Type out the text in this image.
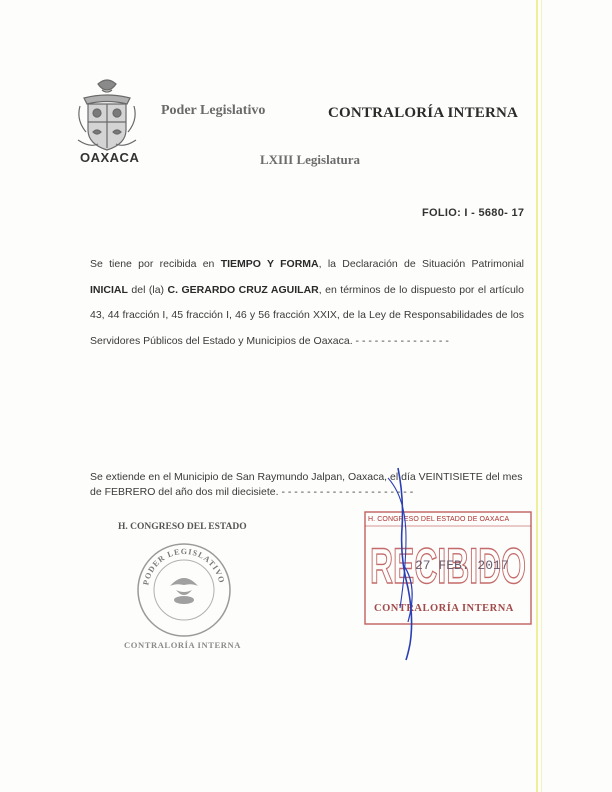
OAXACA
Poder Legislativo	CONTRALORÍA INTERNA
LXIII Legislatura
FOLIO: I - 5680- 17
Se tiene por recibida en TIEMPO Y FORMA, la Declaración de Situación Patrimonial INICIAL del (la) C. GERARDO CRUZ AGUILAR, en términos de lo dispuesto por el artículo 43, 44 fracción I, 45 fracción I, 46 y 56 fracción XXIX, de la Ley de Responsabilidades de los Servidores Públicos del Estado y Municipios de Oaxaca. - - - - - - - - - - - - - - -
Se extiende en el Municipio de San Raymundo Jalpan, Oaxaca, el día VEINTISIETE del mes de FEBRERO del año dos mil diecisiete. - - - - - - - - - - - - - - - - - - - - -
H. CONGRESO DEL ESTADO
PODER LEGISLATIVO
CONTRALORÍA INTERNA
RECIBIDO
H. CONGRESO DEL ESTADO DE OAXACA
27 FEB. 2017
CONTRALORÍA INTERNA
